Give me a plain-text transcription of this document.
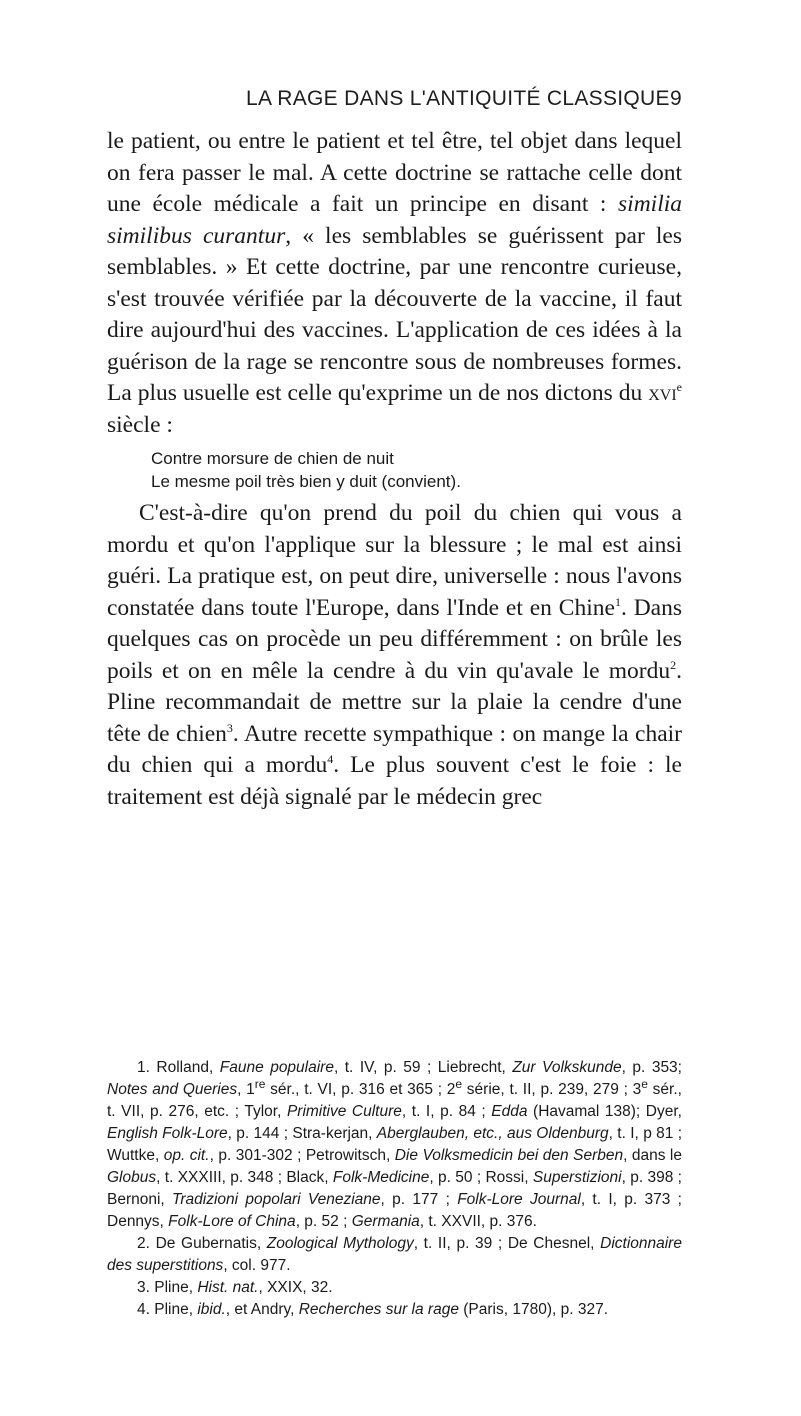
LA RAGE DANS L'ANTIQUITÉ CLASSIQUE 9

le patient, ou entre le patient et tel être, tel objet dans lequel on fera passer le mal. A cette doctrine se rattache celle dont une école médicale a fait un principe en disant : similia similibus curantur, « les semblables se guérissent par les semblables. » Et cette doctrine, par une rencontre curieuse, s'est trouvée vérifiée par la découverte de la vaccine, il faut dire aujourd'hui des vaccines. L'application de ces idées à la guérison de la rage se rencontre sous de nombreuses formes. La plus usuelle est celle qu'exprime un de nos dictons du xvi$^e$ siècle :

Contre morsure de chien de nuit
Le mesme poil très bien y duit (convient).

C'est-à-dire qu'on prend du poil du chien qui vous a mordu et qu'on l'applique sur la blessure ; le mal est ainsi guéri. La pratique est, on peut dire, universelle : nous l'avons constatée dans toute l'Europe, dans l'Inde et en Chine$^1$. Dans quelques cas on procède un peu différemment : on brûle les poils et on en mêle la cendre à du vin qu'avale le mordu$^2$. Pline recommandait de mettre sur la plaie la cendre d'une tête de chien$^3$. Autre recette sympathique : on mange la chair du chien qui a mordu$^4$. Le plus souvent c'est le foie : le traitement est déjà signalé par le médecin grec

1. Rolland, Faune populaire, t. IV, p. 59 ; Liebrecht, Zur Volkskunde, p. 353; Notes and Queries, 1re sér., t. VI, p. 316 et 365 ; 2e série, t. II, p. 239, 279 ; 3e sér., t. VII, p. 276, etc. ; Tylor, Primitive Culture, t. I, p. 84 ; Edda (Havamal 138); Dyer, English Folk-Lore, p. 144 ; Stra-kerjan, Aberglauben, etc., aus Oldenburg, t. I, p 81 ; Wuttke, op. cit., p. 301-302 ; Petrowitsch, Die Volksmedicin bei den Serben, dans le Globus, t. XXXIII, p. 348 ; Black, Folk-Medicine, p. 50 ; Rossi, Superstizioni, p. 398 ; Bernoni, Tradizioni popolari Veneziane, p. 177 ; Folk-Lore Journal, t. I, p. 373 ; Dennys, Folk-Lore of China, p. 52 ; Germania, t. XXVII, p. 376.

2. De Gubernatis, Zoological Mythology, t. II, p. 39 ; De Chesnel, Dictionnaire des superstitions, col. 977.

3. Pline, Hist. nat., XXIX, 32.

4. Pline, ibid., et Andry, Recherches sur la rage (Paris, 1780), p. 327.
